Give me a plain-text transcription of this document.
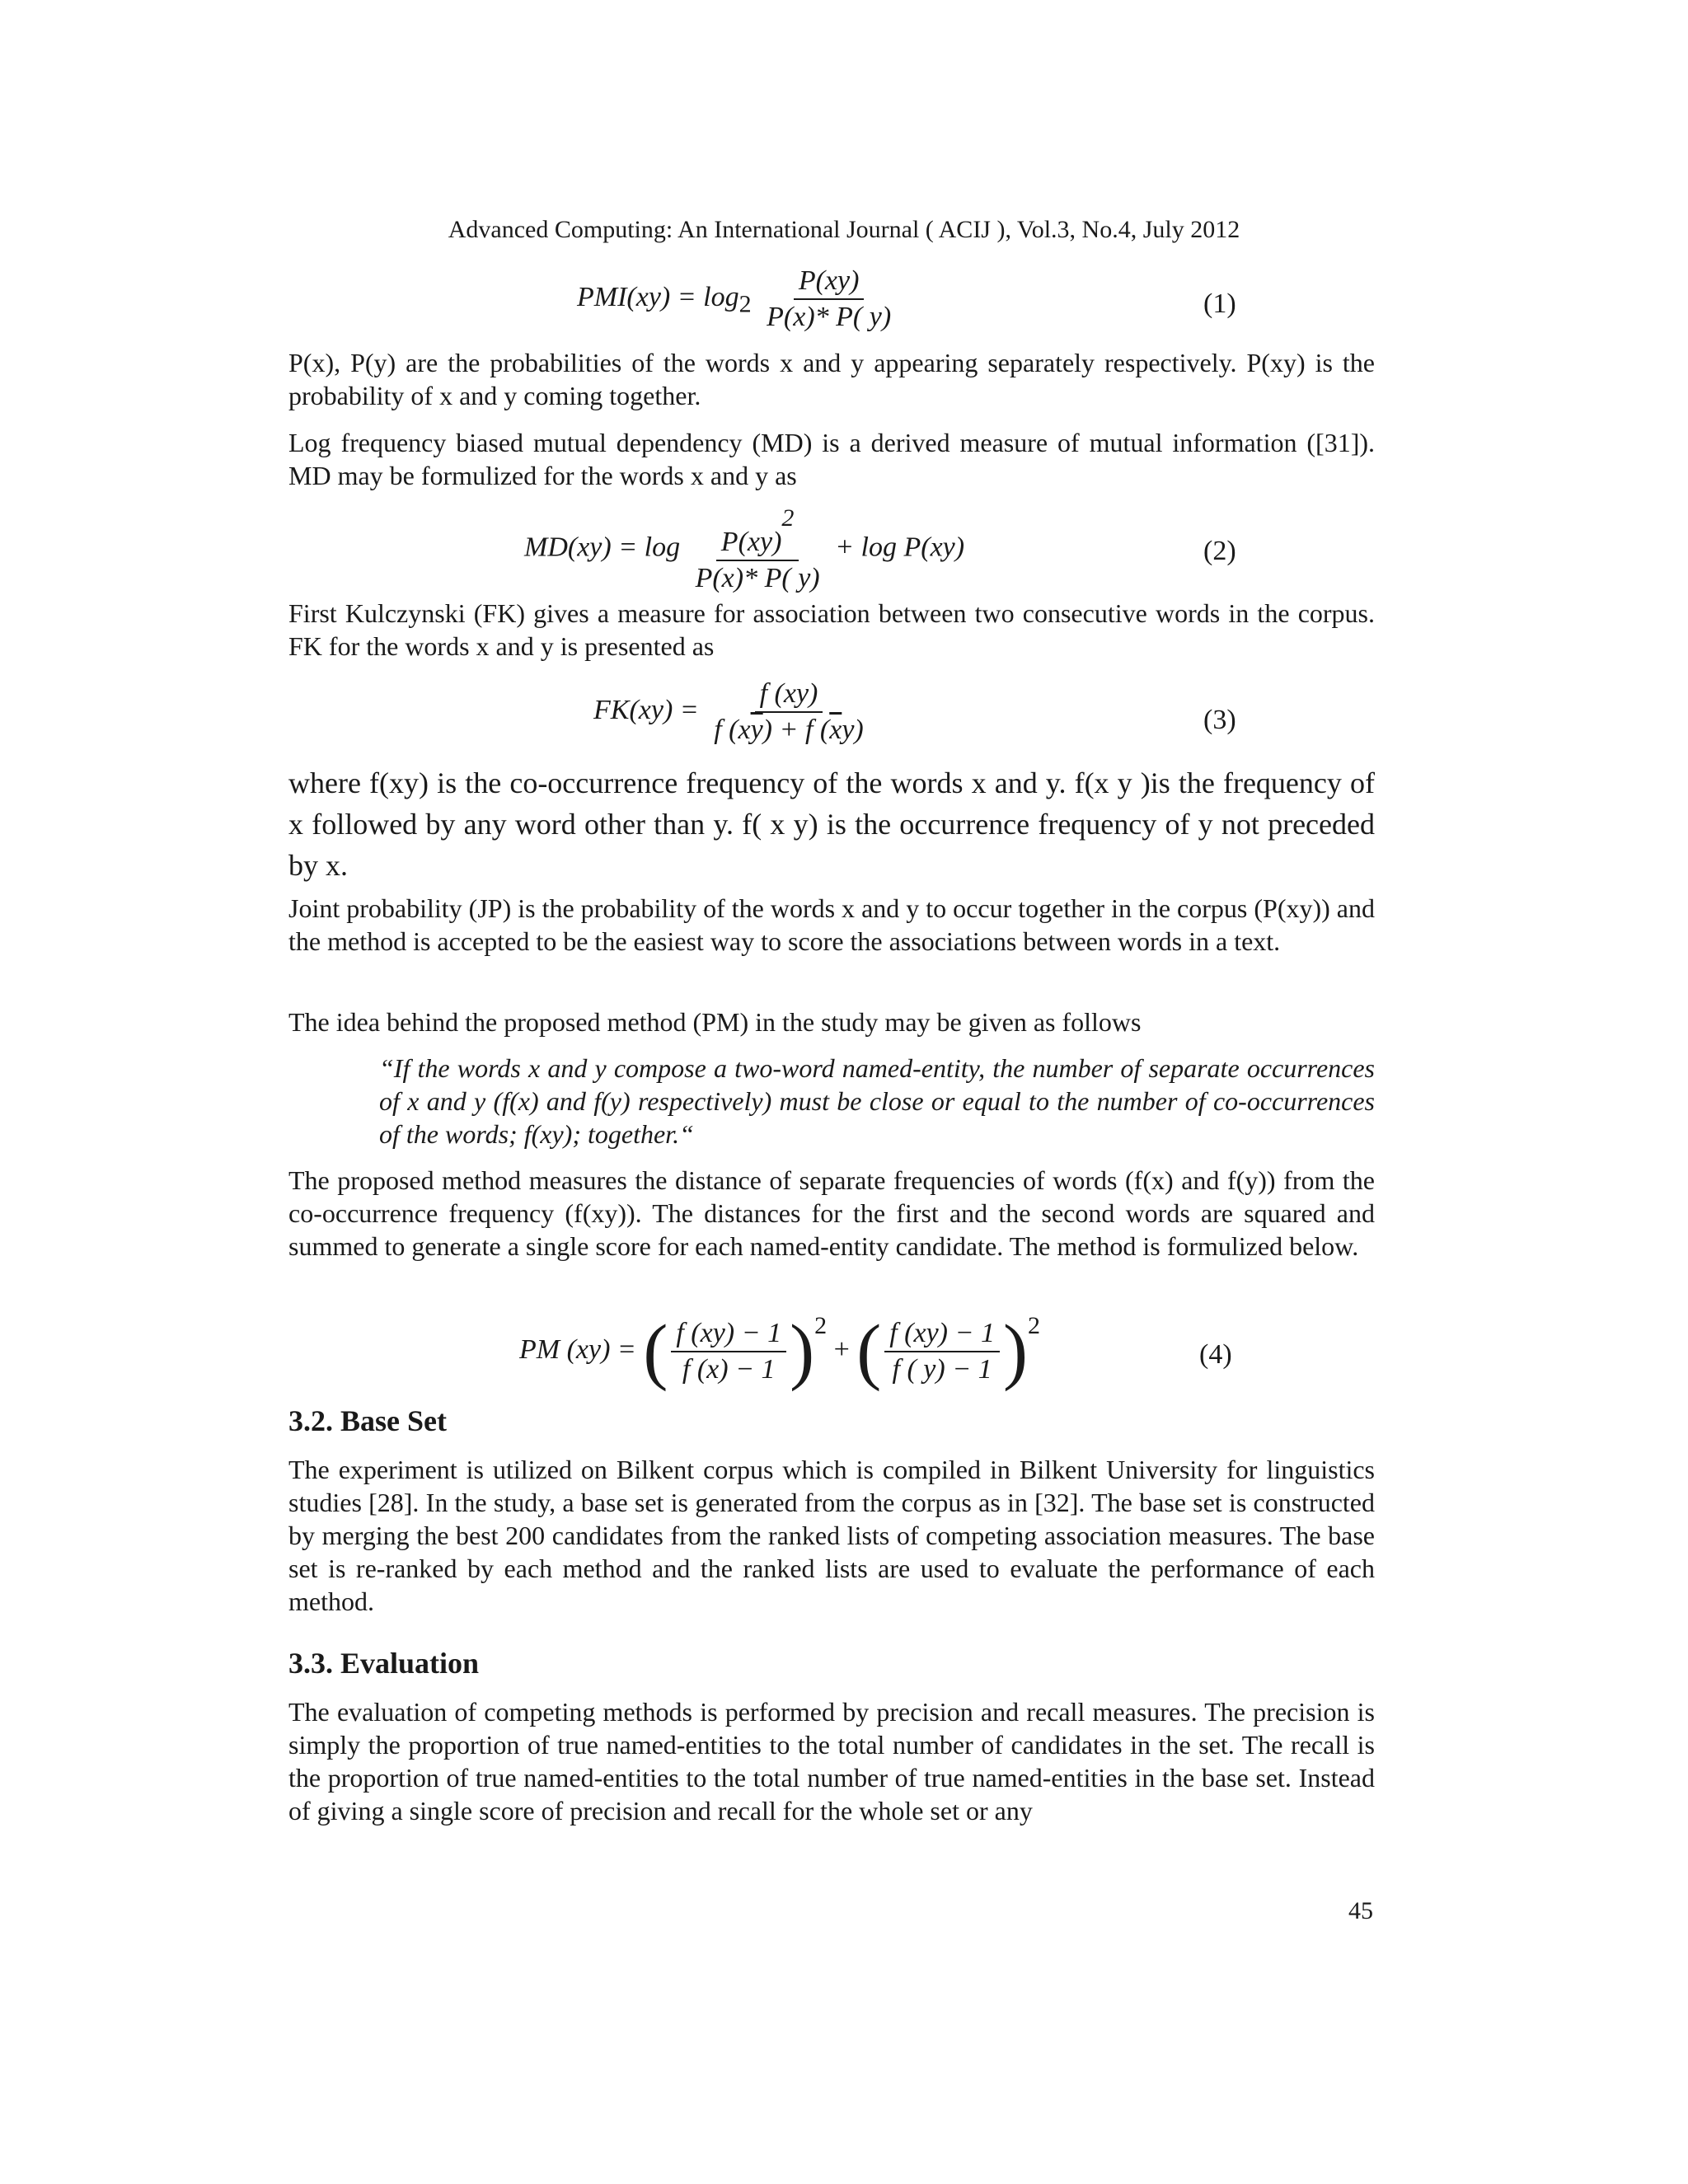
Advanced Computing: An International Journal ( ACIJ ), Vol.3, No.4, July 2012
$PMI(xy) = \log_2 \frac{P(xy)}{P(x)* P( y)}$	(1)
P(x), P(y) are the probabilities of the words x and y appearing separately respectively. P(xy) is the probability of x and y coming together.
Log frequency biased mutual dependency (MD) is a derived measure of mutual information ([31]). MD may be formulized for the words x and y as
$MD(xy) = \log \frac{P(xy)^2}{P(x)* P( y)} + \log P(xy)$	(2)
First Kulczynski (FK) gives a measure for association between two consecutive words in the corpus. FK for the words x and y is presented as
$FK(xy) = \frac{f (xy)}{f (x\overline{y}) + f (\overline{x}y)}$	(3)
where f(xy) is the co-occurrence frequency of the words x and y. f(x y )is the frequency of x followed by any word other than y. f( x y) is the occurrence frequency of y not preceded by x.
Joint probability (JP) is the probability of the words x and y to occur together in the corpus (P(xy)) and the method is accepted to be the easiest way to score the associations between words in a text.
The idea behind the proposed method (PM) in the study may be given as follows
“If the words x and y compose a two-word named-entity, the number of separate occurrences of x and y (f(x) and f(y) respectively) must be close or equal to the number of co-occurrences of the words; f(xy); together.“
The proposed method measures the distance of separate frequencies of words (f(x) and f(y)) from the co-occurrence frequency (f(xy)). The distances for the first and the second words are squared and summed to generate a single score for each named-entity candidate. The method is formulized below.
PM (xy) = ( $\frac{f (xy) - 1}{f (x) - 1} )^2$ + ( $\frac{f (xy) - 1}{f ( y) - 1} )^2$
(4)
3.2. Base Set
The experiment is utilized on Bilkent corpus which is compiled in Bilkent University for linguistics studies [28]. In the study, a base set is generated from the corpus as in [32]. The base set is constructed by merging the best 200 candidates from the ranked lists of competing association measures. The base set is re-ranked by each method and the ranked lists are used to evaluate the performance of each method.
3.3. Evaluation
The evaluation of competing methods is performed by precision and recall measures. The precision is simply the proportion of true named-entities to the total number of candidates in the set. The recall is the proportion of true named-entities to the total number of true named-entities in the base set. Instead of giving a single score of precision and recall for the whole set or any
45
